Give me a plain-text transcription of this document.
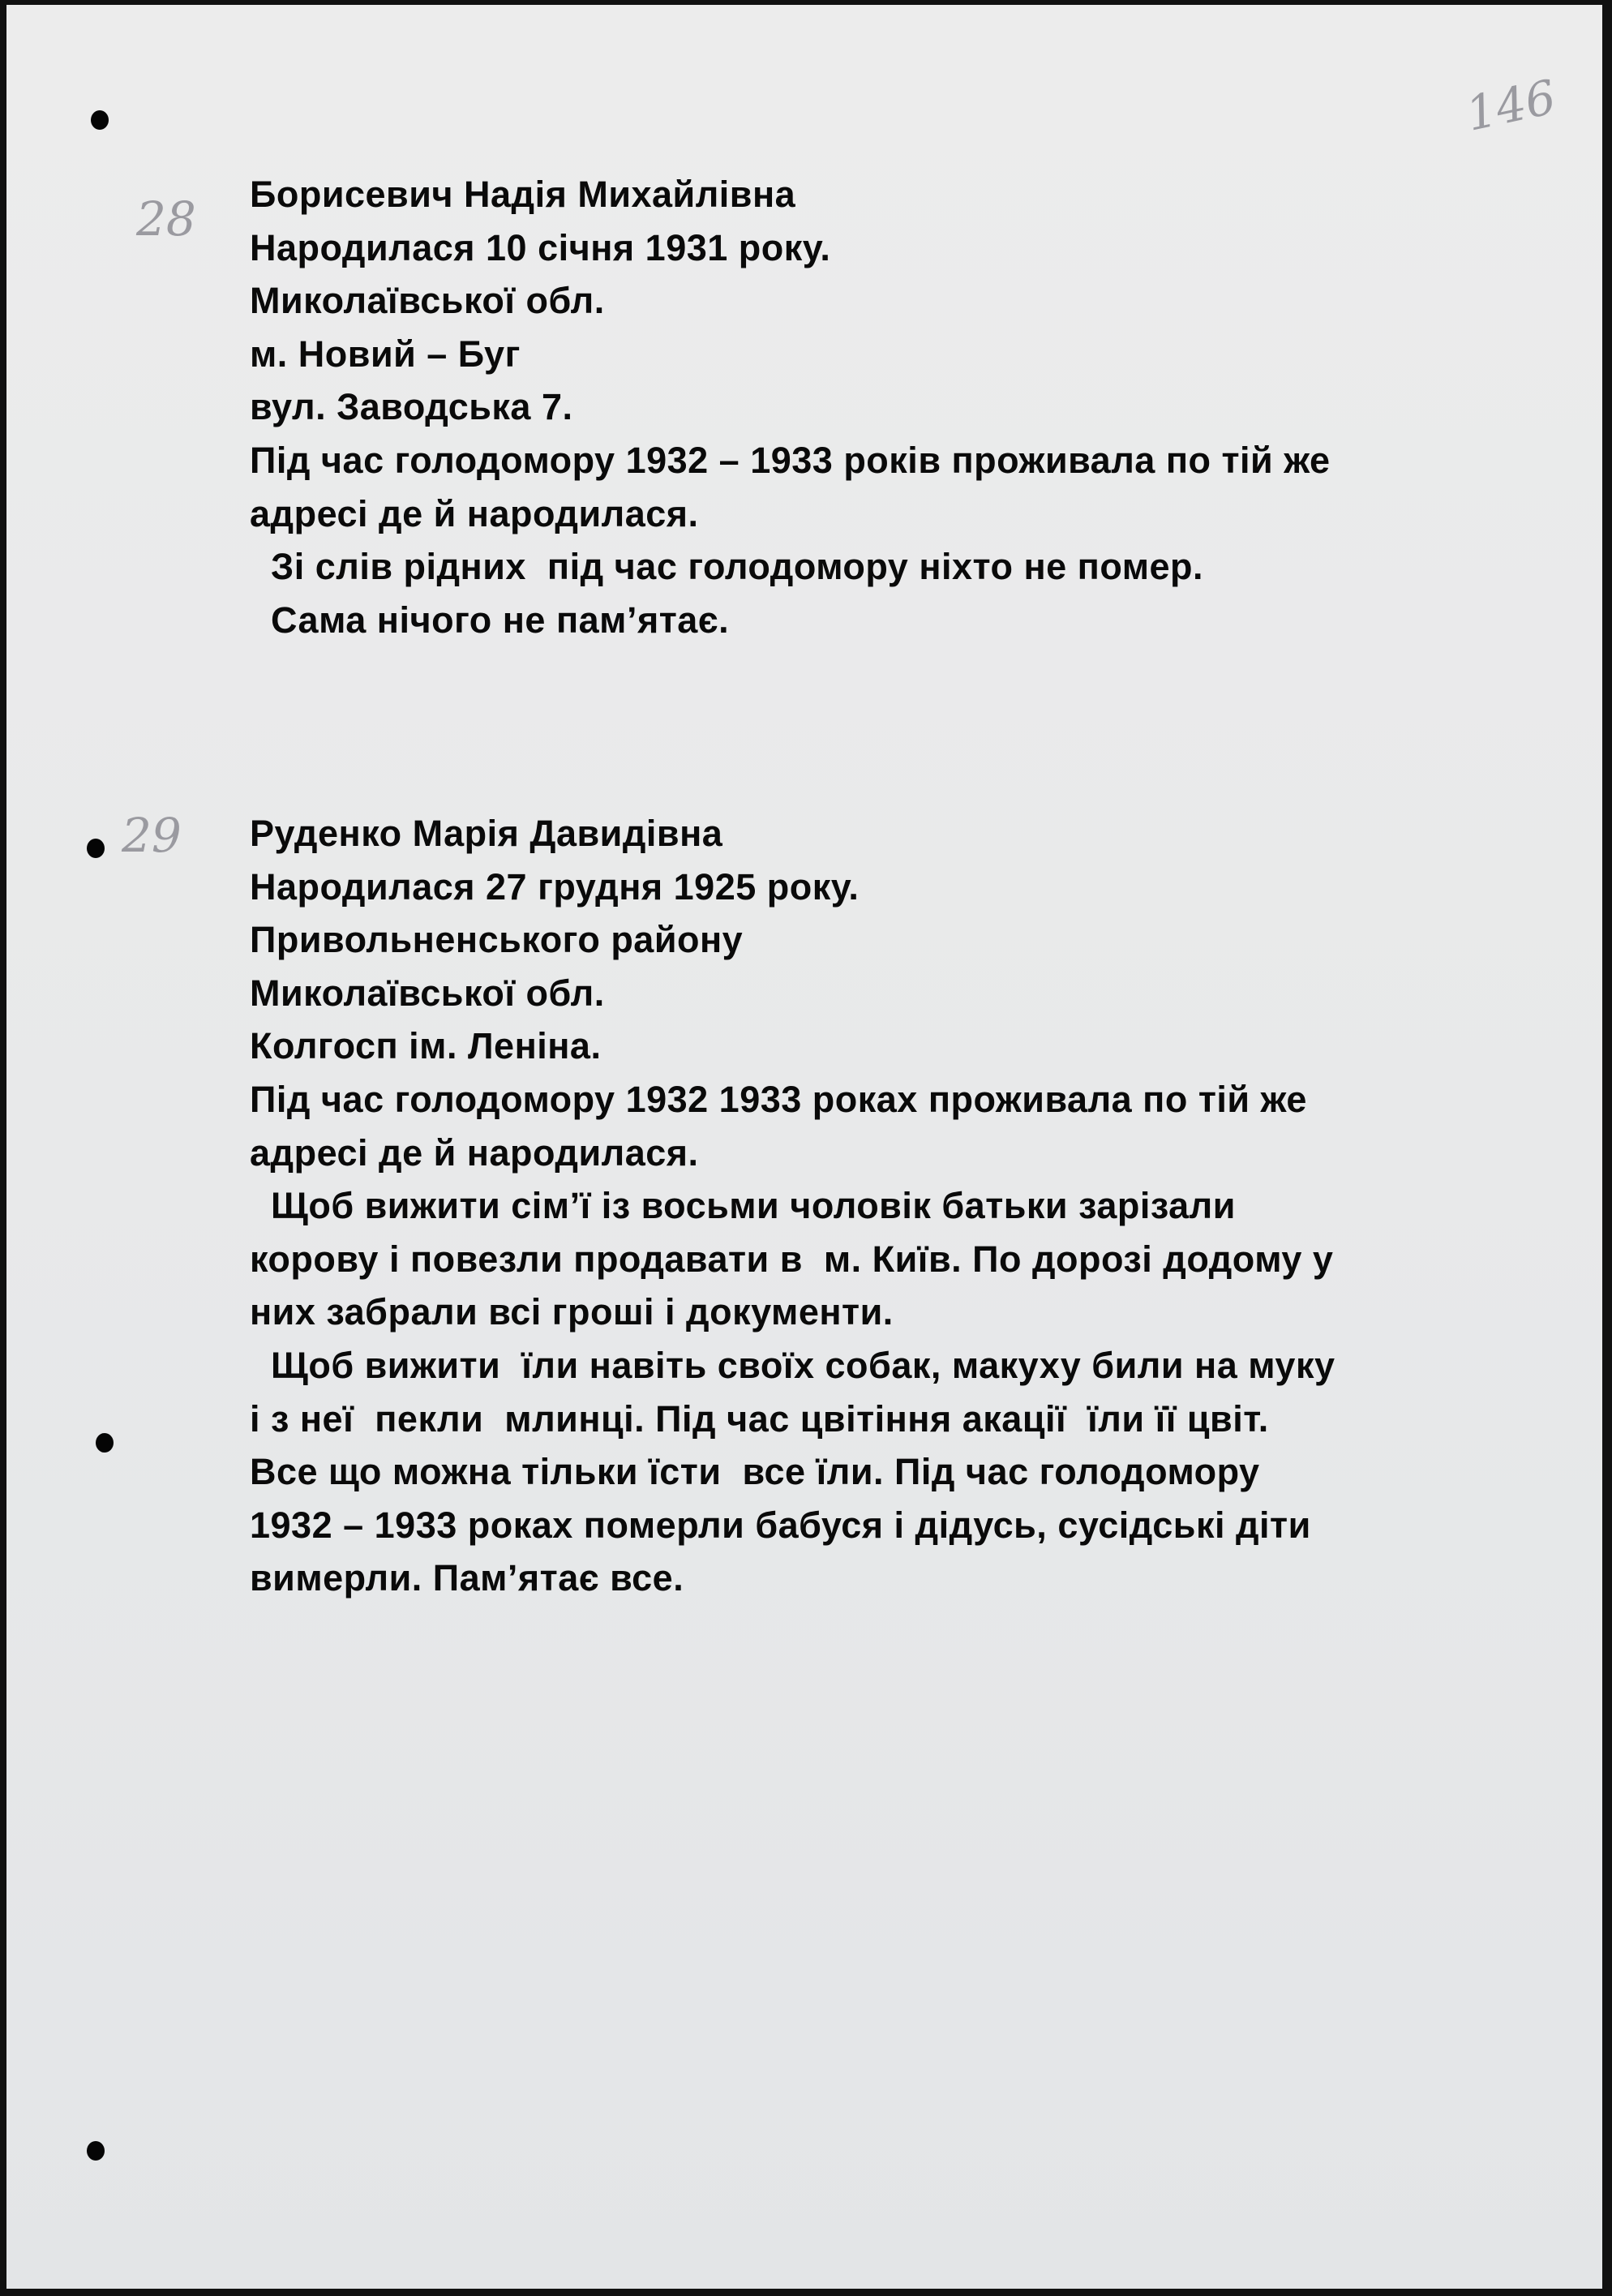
146
28
29
Борисевич Надія Михайлівна
Народилася 10 січня 1931 року.
Миколаївської обл.
м. Новий – Буг
вул. Заводська 7.
Під час голодомору 1932 – 1933 років проживала по тій же
адресі де й народилася.
Зі слів рідних  під час голодомору ніхто не помер.
Сама нічого не пам’ятає.
Руденко Марія Давидівна
Народилася 27 грудня 1925 року.
Привольненського району
Миколаївської обл.
Колгосп ім. Леніна.
Під час голодомору 1932 1933 роках проживала по тій же
адресі де й народилася.
Щоб вижити сім’ї із восьми чоловік батьки зарізали
корову і повезли продавати в  м. Київ. По дорозі додому у
них забрали всі гроші і документи.
Щоб вижити  їли навіть своїх собак, макуху били на муку
і з неї  пекли  млинці. Під час цвітіння акації  їли її цвіт.
Все що можна тільки їсти  все їли. Під час голодомору
1932 – 1933 роках померли бабуся і дідусь, сусідські діти
вимерли. Пам’ятає все.
